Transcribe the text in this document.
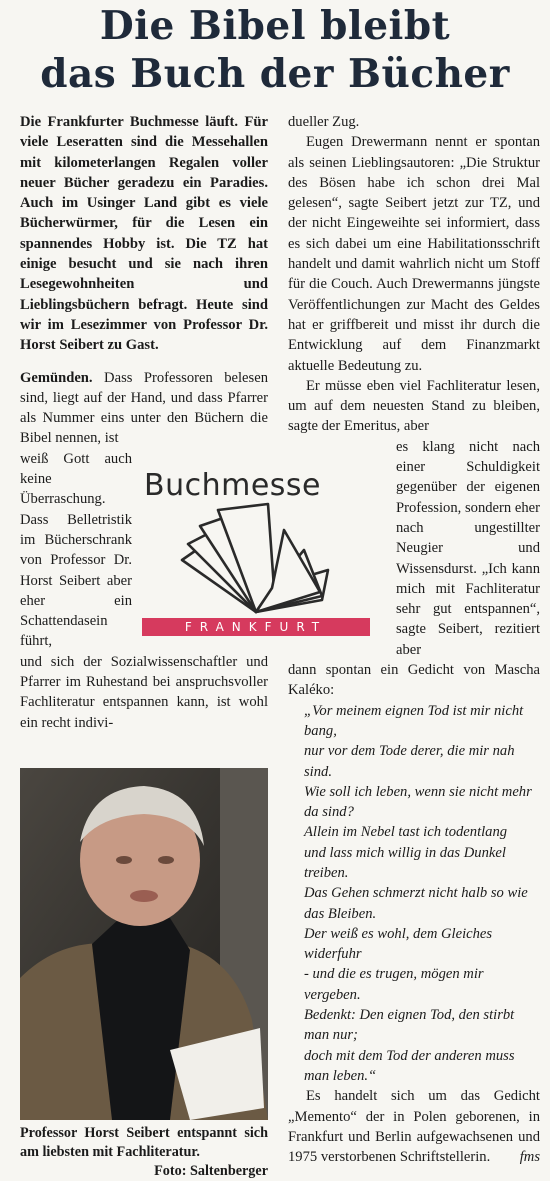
Die Bibel bleibt
das Buch der Bücher

Die Frankfurter Buchmesse läuft. Für viele Leseratten sind die Messehallen mit kilometerlangen Regalen voller neuer Bücher geradezu ein Paradies. Auch im Usinger Land gibt es viele Bücherwürmer, für die Lesen ein spannendes Hobby ist. Die TZ hat einige besucht und sie nach ihren Lesegewohnheiten und Lieblingsbüchern befragt. Heute sind wir im Lesezimmer von Professor Dr. Horst Seibert zu Gast.

Gemünden. Dass Professoren belesen sind, liegt auf der Hand, und dass Pfarrer als Nummer eins unter den Büchern die Bibel nennen, ist

weiß Gott auch keine Überraschung. Dass Belletristik im Bücherschrank von Professor Dr. Horst Seibert aber eher ein Schattendasein führt,

und sich der Sozialwissenschaftler und Pfarrer im Ruhestand bei anspruchsvoller Fachliteratur entspannen kann, ist wohl ein recht indivi-

Buchmesse
FRANKFURT
Professor Horst Seibert entspannt sich am liebsten mit Fachliteratur.
Foto: Saltenberger

dueller Zug.

Eugen Drewermann nennt er spontan als seinen Lieblingsautoren: „Die Struktur des Bösen habe ich schon drei Mal gelesen“, sagte Seibert jetzt zur TZ, und der nicht Eingeweihte sei informiert, dass es sich dabei um eine Habilitationsschrift handelt und damit wahrlich nicht um Stoff für die Couch. Auch Drewermanns jüngste Veröffentlichungen zur Macht des Geldes hat er griffbereit und misst ihr durch die Entwicklung auf dem Finanzmarkt aktuelle Bedeutung zu.

Er müsse eben viel Fachliteratur lesen, um auf dem neuesten Stand zu bleiben, sagte der Emeritus, aber

es klang nicht nach einer Schuldigkeit gegenüber der eigenen Profession, sondern eher nach ungestillter Neugier und Wissensdurst. „Ich kann mich mit Fachliteratur sehr gut entspannen“, sagte Seibert, rezitiert aber

dann spontan ein Gedicht von Mascha Kaléko:

„Vor meinem eignen Tod ist mir nicht bang,
nur vor dem Tode derer, die mir nah sind.
Wie soll ich leben, wenn sie nicht mehr da sind?
Allein im Nebel tast ich todentlang
und lass mich willig in das Dunkel treiben.
Das Gehen schmerzt nicht halb so wie das Bleiben.
Der weiß es wohl, dem Gleiches widerfuhr
- und die es trugen, mögen mir vergeben.
Bedenkt: Den eignen Tod, den stirbt man nur;
doch mit dem Tod der anderen muss man leben.“

Es handelt sich um das Gedicht „Memento“ der in Polen geborenen, in Frankfurt und Berlin aufgewachsenen und 1975 verstorbenen Schriftstellerin.	fms
